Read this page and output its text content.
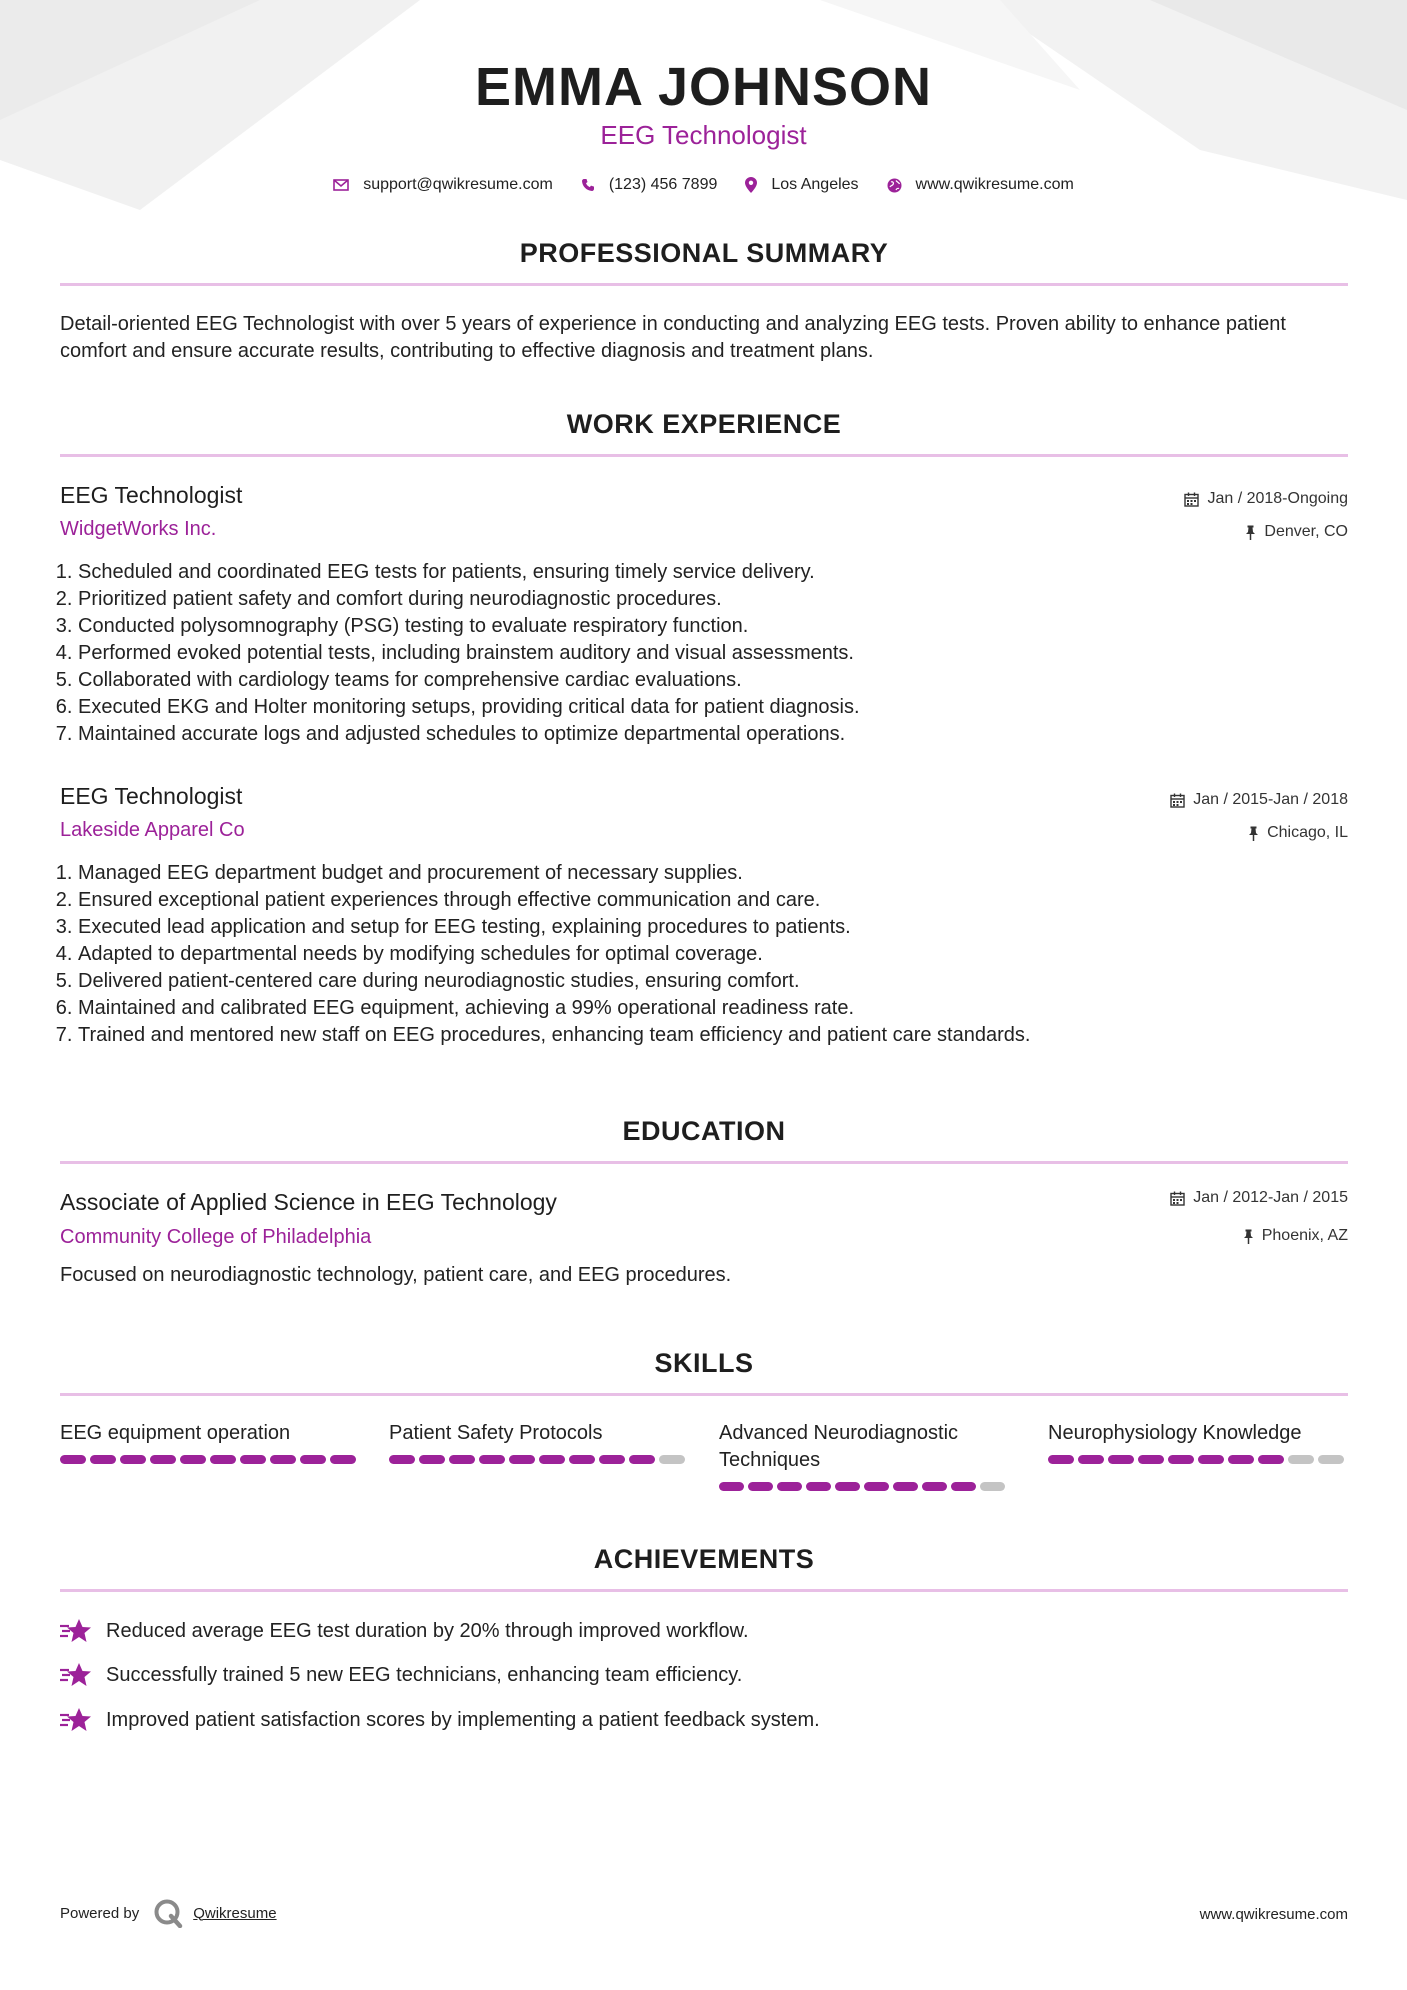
EMMA JOHNSON
EEG Technologist
support@qwikresume.com	(123) 456 7899	Los Angeles	www.qwikresume.com
PROFESSIONAL SUMMARY
Detail-oriented EEG Technologist with over 5 years of experience in conducting and analyzing EEG tests. Proven ability to enhance patient comfort and ensure accurate results, contributing to effective diagnosis and treatment plans.
WORK EXPERIENCE
EEG Technologist
WidgetWorks Inc.
Jan / 2018-Ongoing
Denver, CO
1. Scheduled and coordinated EEG tests for patients, ensuring timely service delivery.
2. Prioritized patient safety and comfort during neurodiagnostic procedures.
3. Conducted polysomnography (PSG) testing to evaluate respiratory function.
4. Performed evoked potential tests, including brainstem auditory and visual assessments.
5. Collaborated with cardiology teams for comprehensive cardiac evaluations.
6. Executed EKG and Holter monitoring setups, providing critical data for patient diagnosis.
7. Maintained accurate logs and adjusted schedules to optimize departmental operations.
EEG Technologist
Lakeside Apparel Co
Jan / 2015-Jan / 2018
Chicago, IL
1. Managed EEG department budget and procurement of necessary supplies.
2. Ensured exceptional patient experiences through effective communication and care.
3. Executed lead application and setup for EEG testing, explaining procedures to patients.
4. Adapted to departmental needs by modifying schedules for optimal coverage.
5. Delivered patient-centered care during neurodiagnostic studies, ensuring comfort.
6. Maintained and calibrated EEG equipment, achieving a 99% operational readiness rate.
7. Trained and mentored new staff on EEG procedures, enhancing team efficiency and patient care standards.
EDUCATION
Associate of Applied Science in EEG Technology
Community College of Philadelphia
Jan / 2012-Jan / 2015
Phoenix, AZ
Focused on neurodiagnostic technology, patient care, and EEG procedures.
SKILLS
EEG equipment operation	Patient Safety Protocols	Advanced Neurodiagnostic Techniques
Neurophysiology Knowledge
ACHIEVEMENTS
Reduced average EEG test duration by 20% through improved workflow.
Successfully trained 5 new EEG technicians, enhancing team efficiency.
Improved patient satisfaction scores by implementing a patient feedback system.
Powered by	Qwikresume	www.qwikresume.com
